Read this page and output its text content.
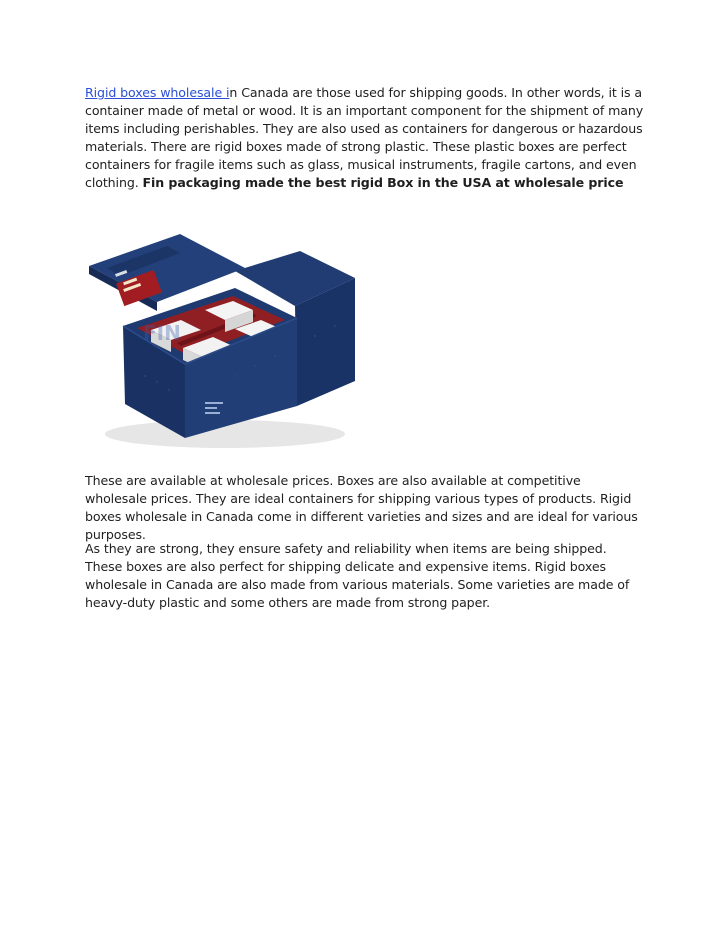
Rigid boxes wholesale in Canada are those used for shipping goods. In other words, it is a container made of metal or wood. It is an important component for the shipment of many items including perishables. They are also used as containers for dangerous or hazardous materials. There are rigid boxes made of strong plastic. These plastic boxes are perfect containers for fragile items such as glass, musical instruments, fragile cartons, and even clothing. Fin packaging made the best rigid Box in the USA at wholesale price

FIN

These are available at wholesale prices. Boxes are also available at competitive wholesale prices. They are ideal containers for shipping various types of products. Rigid boxes wholesale in Canada come in different varieties and sizes and are ideal for various purposes.

As they are strong, they ensure safety and reliability when items are being shipped. These boxes are also perfect for shipping delicate and expensive items. Rigid boxes wholesale in Canada are also made from various materials. Some varieties are made of heavy-duty plastic and some others are made from strong paper.
